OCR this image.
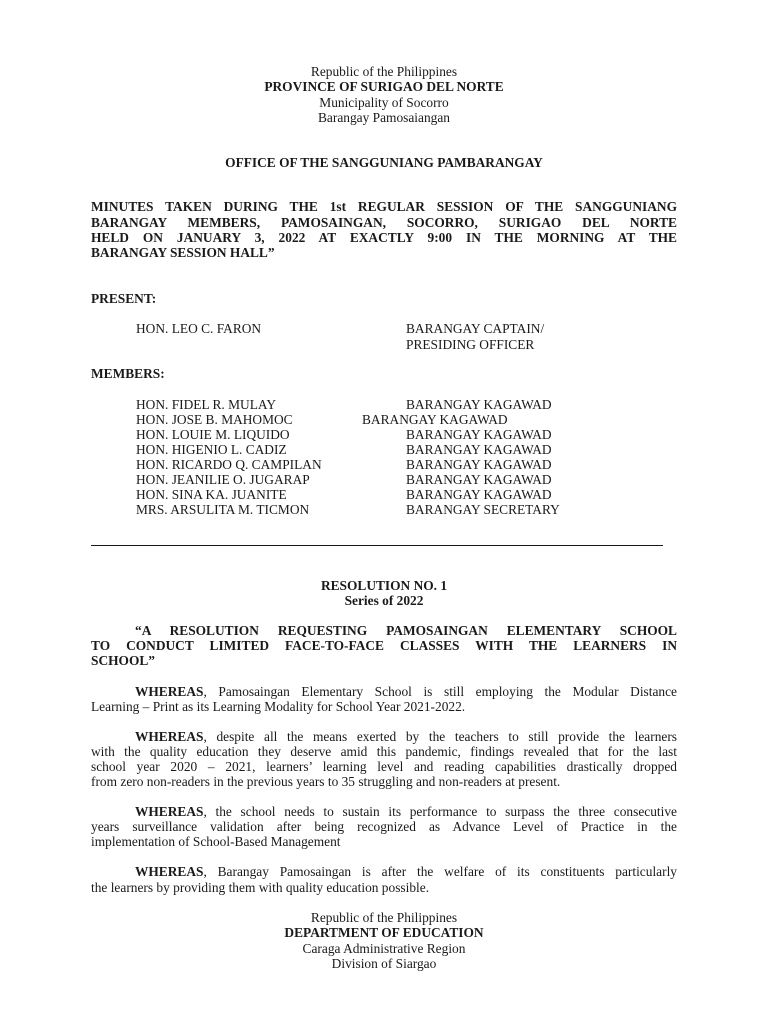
Republic of the Philippines
PROVINCE OF SURIGAO DEL NORTE
Municipality of Socorro
Barangay Pamosaiangan
OFFICE OF THE SANGGUNIANG PAMBARANGAY
MINUTES TAKEN DURING THE 1st REGULAR SESSION OF THE SANGGUNIANG
BARANGAY MEMBERS, PAMOSAINGAN, SOCORRO, SURIGAO DEL NORTE
HELD ON JANUARY 3, 2022 AT EXACTLY 9:00 IN THE MORNING AT THE
BARANGAY SESSION HALL”
PRESENT:
HON. LEO C. FARON	BARANGAY CAPTAIN/
PRESIDING OFFICER
MEMBERS:
HON. FIDEL R. MULAY	BARANGAY KAGAWAD
HON. JOSE B. MAHOMOC	BARANGAY KAGAWAD
HON. LOUIE M. LIQUIDO	BARANGAY KAGAWAD
HON. HIGENIO L. CADIZ	BARANGAY KAGAWAD
HON. RICARDO Q. CAMPILAN	BARANGAY KAGAWAD
HON. JEANILIE O. JUGARAP	BARANGAY KAGAWAD
HON. SINA KA. JUANITE	BARANGAY KAGAWAD
MRS. ARSULITA M. TICMON	BARANGAY SECRETARY
RESOLUTION NO. 1
Series of 2022
“A RESOLUTION REQUESTING PAMOSAINGAN ELEMENTARY SCHOOL
TO CONDUCT LIMITED FACE-TO-FACE CLASSES WITH THE LEARNERS IN
SCHOOL”
WHEREAS, Pamosaingan Elementary School is still employing the Modular Distance
Learning – Print as its Learning Modality for School Year 2021-2022.
WHEREAS, despite all the means exerted by the teachers to still provide the learners
with the quality education they deserve amid this pandemic, findings revealed that for the last
school year 2020 – 2021, learners’ learning level and reading capabilities drastically dropped
from zero non-readers in the previous years to 35 struggling and non-readers at present.
WHEREAS, the school needs to sustain its performance to surpass the three consecutive
years surveillance validation after being recognized as Advance Level of Practice in the
implementation of School-Based Management
WHEREAS, Barangay Pamosaingan is after the welfare of its constituents particularly
the learners by providing them with quality education possible.
Republic of the Philippines
DEPARTMENT OF EDUCATION
Caraga Administrative Region
Division of Siargao
